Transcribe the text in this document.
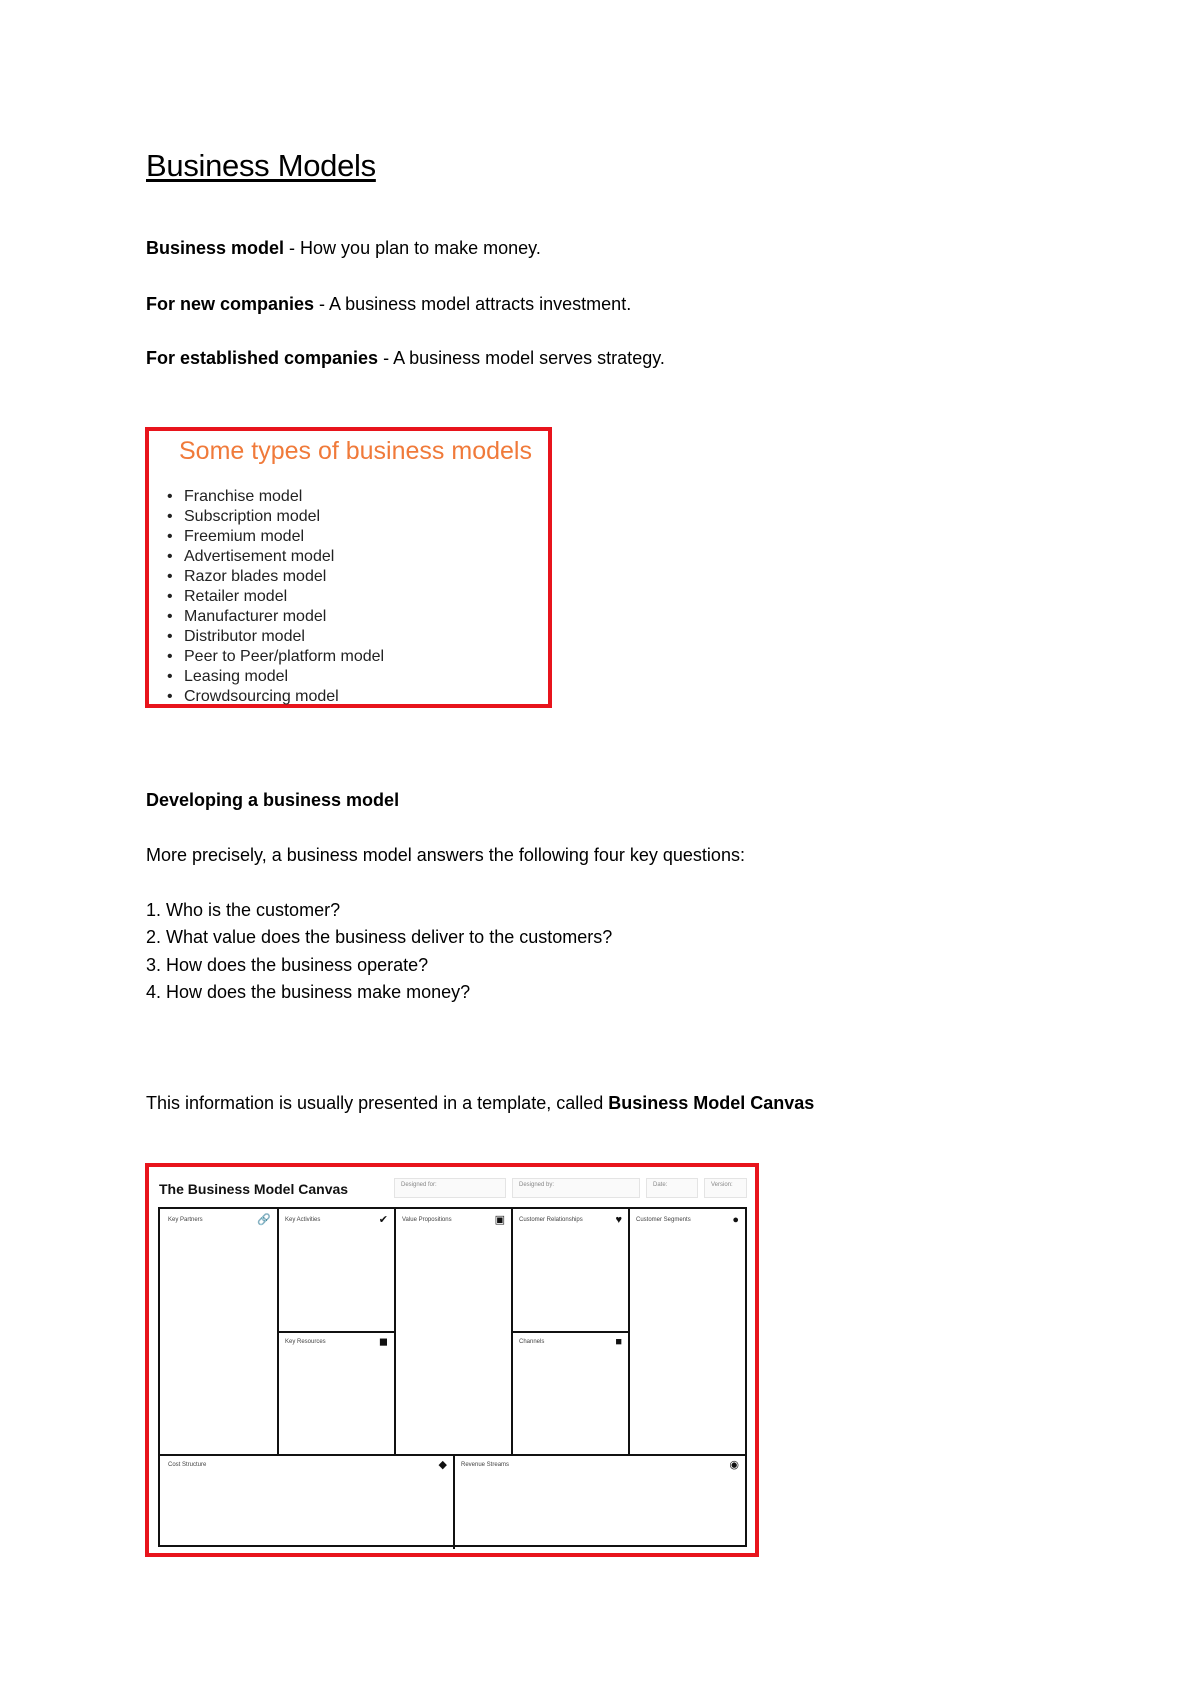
Business Models
Business model - How you plan to make money.
For new companies - A business model attracts investment.
For established companies - A business model serves strategy.
Some types of business models
• Franchise model
• Subscription model
• Freemium model
• Advertisement model
• Razor blades model
• Retailer model
• Manufacturer model
• Distributor model
• Peer to Peer/platform model
• Leasing model
• Crowdsourcing model
Developing a business model
More precisely, a business model answers the following four key questions:
1. Who is the customer?
2. What value does the business deliver to the customers?
3. How does the business operate?
4. How does the business make money?
This information is usually presented in a template, called Business Model Canvas
The Business Model Canvas	Designed for:	Designed by:	Date:	Version:
Key Partners	🔗 Key Activities	✔
Key Resources	◼
Value Propositions	▣ Customer Relationships	♥
Channels	■
Customer Segments	●
Cost Structure	◆ Revenue Streams	◉
